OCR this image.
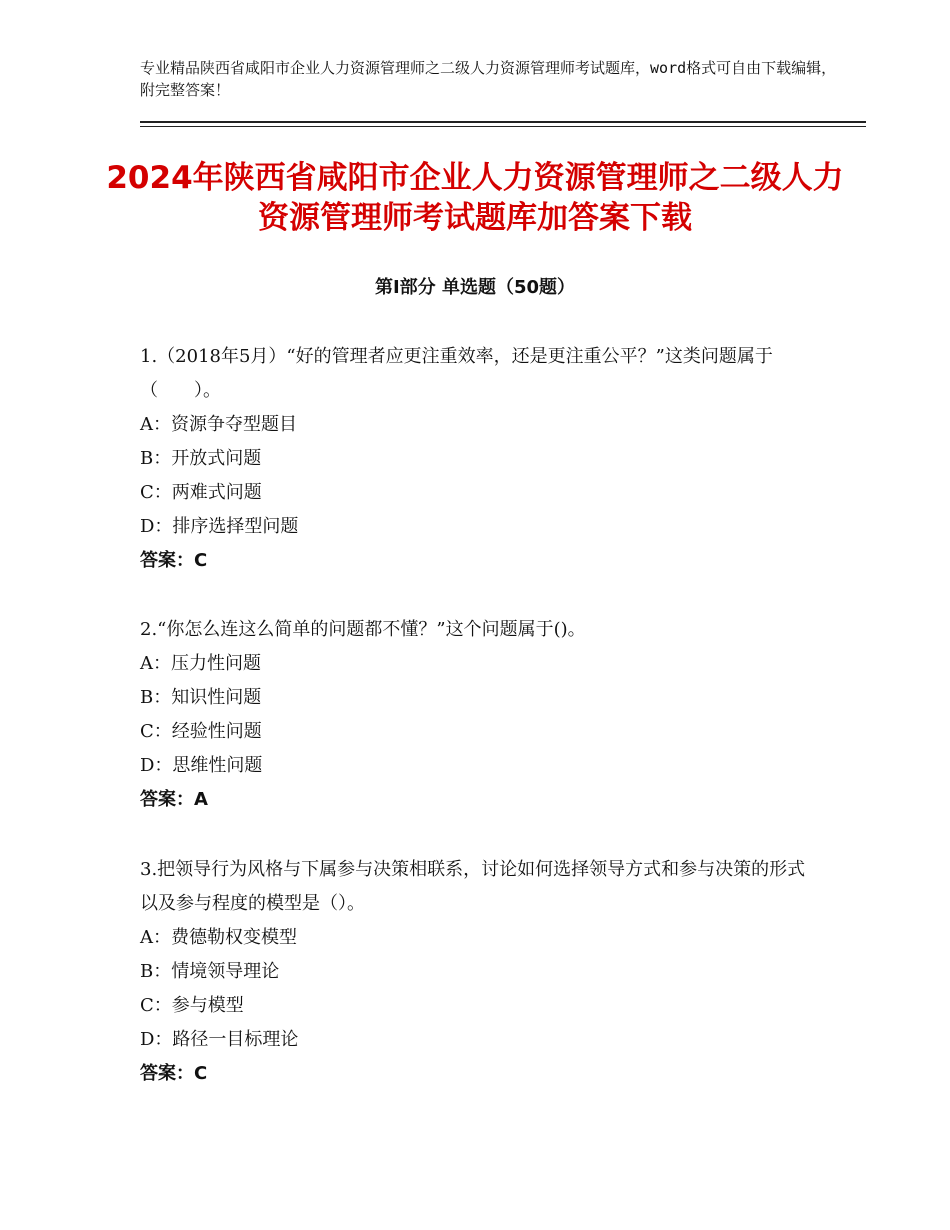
专业精品陕西省咸阳市企业人力资源管理师之二级人力资源管理师考试题库，word格式可自由下载编辑，附完整答案！
2024年陕西省咸阳市企业人力资源管理师之二级人力资源管理师考试题库加答案下载
第Ⅰ部分 单选题（50题）

1.（2018年5月）“好的管理者应更注重效率，还是更注重公平？”这类问题属于（　　）。

A：资源争夺型题目

B：开放式问题

C：两难式问题

D：排序选择型问题

答案：C

2.“你怎么连这么简单的问题都不懂？”这个问题属于()。

A：压力性问题

B：知识性问题

C：经验性问题

D：思维性问题

答案：A

3.把领导行为风格与下属参与决策相联系，讨论如何选择领导方式和参与决策的形式以及参与程度的模型是（）。

A：费德勒权变模型

B：情境领导理论

C：参与模型

D：路径一目标理论

答案：C
